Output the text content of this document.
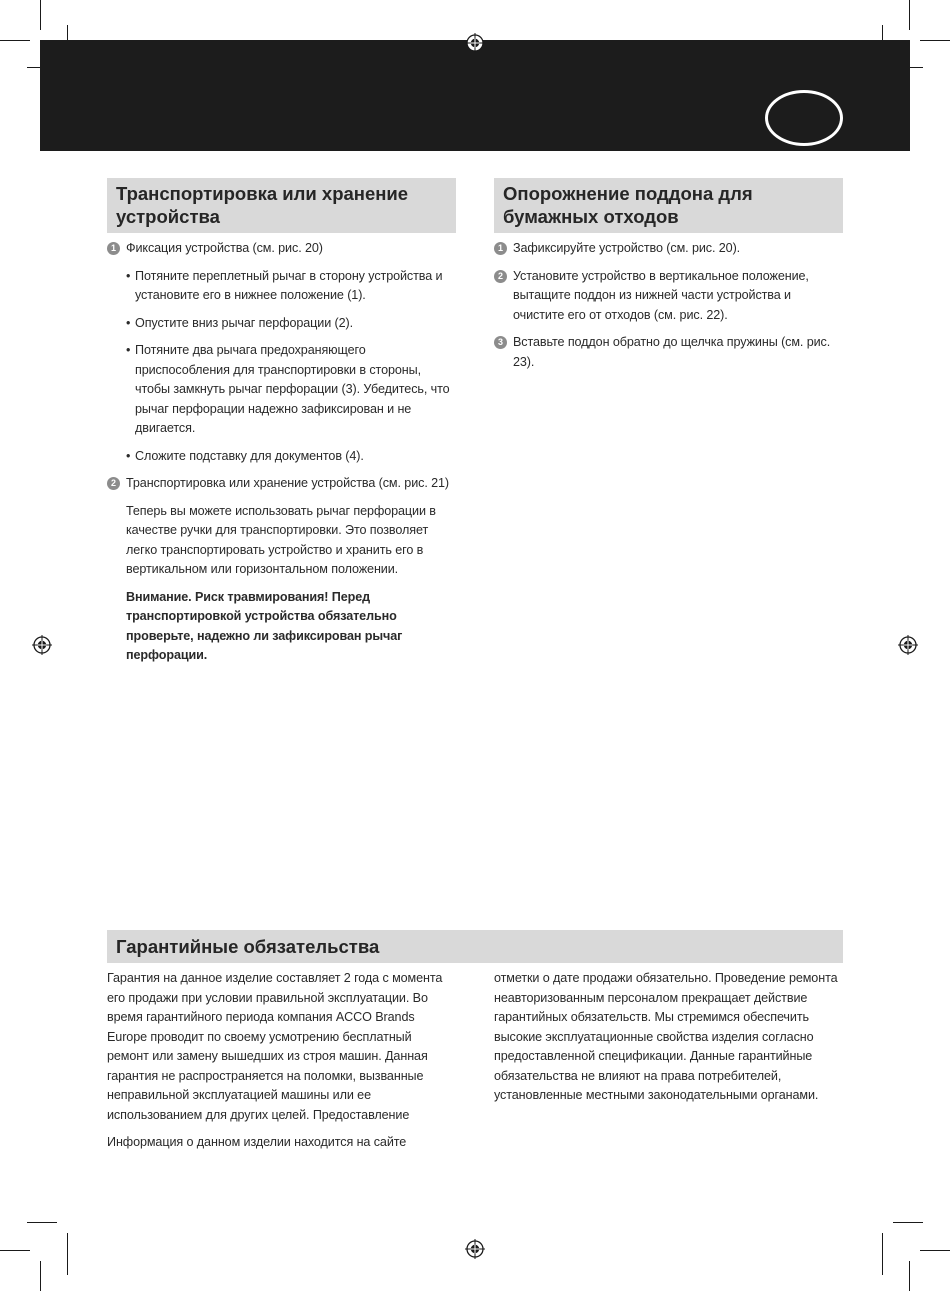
Транспортировка или хранение устройства
1 Фиксация устройства (см. рис. 20)
• Потяните переплетный рычаг в сторону устройства и установите его в нижнее положение (1).
• Опустите вниз рычаг перфорации (2).
• Потяните два рычага предохраняющего приспособления для транспортировки в стороны, чтобы замкнуть рычаг перфорации (3). Убедитесь, что рычаг перфорации надежно зафиксирован и не двигается.
• Сложите подставку для документов (4).
2 Транспортировка или хранение устройства (см. рис. 21)
Теперь вы можете использовать рычаг перфорации в качестве ручки для транспортировки. Это позволяет легко транспортировать устройство и хранить его в вертикальном или горизонтальном положении.
Внимание. Риск травмирования! Перед транспортировкой устройства обязательно проверьте, надежно ли зафиксирован рычаг перфорации.
Опорожнение поддона для бумажных отходов
1 Зафиксируйте устройство (см. рис. 20).
2 Установите устройство в вертикальное положение, вытащите поддон из нижней части устройства и очистите его от отходов (см. рис. 22).
3 Вставьте поддон обратно до щелчка пружины (см. рис. 23).
Гарантийные обязательства

Гарантия на данное изделие составляет 2 года с момента его продажи при условии правильной эксплуатации. Во время гарантийного периода компания ACCO Brands Europe проводит по своему усмотрению бесплатный ремонт или замену вышедших из строя машин. Данная гарантия не распространяется на поломки, вызванные неправильной эксплуатацией машины или ее использованием для других целей. Предоставление

Информация о данном изделии находится на сайте

отметки о дате продажи обязательно. Проведение ремонта неавторизованным персоналом прекращает действие гарантийных обязательств. Мы стремимся обеспечить высокие эксплуатационные свойства изделия согласно предоставленной спецификации. Данные гарантийные обязательства не влияют на права потребителей, установленные местными законодательными органами.
